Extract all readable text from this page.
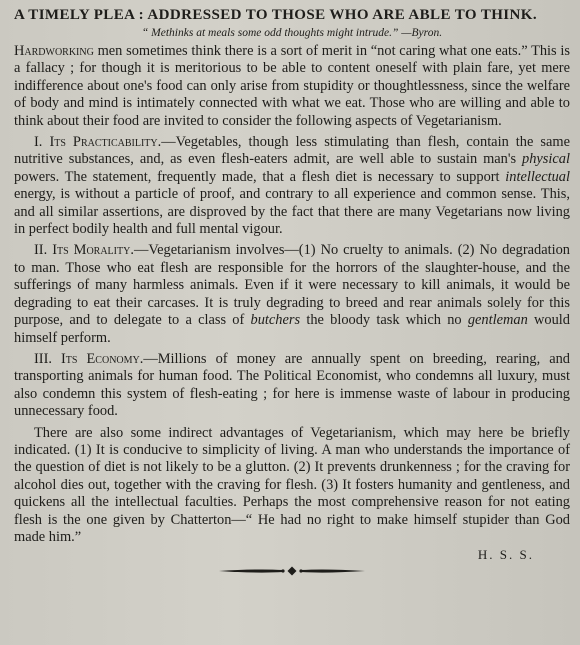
A TIMELY PLEA : ADDRESSED TO THOSE WHO ARE ABLE TO THINK.
“ Methinks at meals some odd thoughts might intrude.” —Byron.

Hardworking men sometimes think there is a sort of merit in “not caring what one eats.” This is a fallacy ; for though it is meritorious to be able to content oneself with plain fare, yet mere indifference about one's food can only arise from stupidity or thoughtlessness, since the welfare of body and mind is intimately connected with what we eat. Those who are willing and able to think about their food are invited to consider the following aspects of Vegetarianism.

I. Its Practicability.—Vegetables, though less stimulating than flesh, contain the same nutritive substances, and, as even flesh-eaters admit, are well able to sustain man's physical powers. The statement, frequently made, that a flesh diet is necessary to support intellectual energy, is without a particle of proof, and contrary to all experience and common sense. This, and all similar assertions, are disproved by the fact that there are many Vegetarians now living in perfect bodily health and full mental vigour.

II. Its Morality.—Vegetarianism involves—(1) No cruelty to animals. (2) No degradation to man. Those who eat flesh are responsible for the horrors of the slaughter-house, and the sufferings of many harmless animals. Even if it were necessary to kill animals, it would be degrading to eat their carcases. It is truly degrading to breed and rear animals solely for this purpose, and to delegate to a class of butchers the bloody task which no gentleman would himself perform.

III. Its Economy.—Millions of money are annually spent on breeding, rearing, and transporting animals for human food. The Political Economist, who condemns all luxury, must also condemn this system of flesh-eating ; for here is immense waste of labour in producing unnecessary food.

There are also some indirect advantages of Vegetarianism, which may here be briefly indicated. (1) It is conducive to simplicity of living. A man who understands the importance of the question of diet is not likely to be a glutton. (2) It prevents drunkenness ; for the craving for alcohol dies out, together with the craving for flesh. (3) It fosters humanity and gentleness, and quickens all the intellectual faculties. Perhaps the most comprehensive reason for not eating flesh is the one given by Chatterton—“ He had no right to make himself stupider than God made him.”

H. S. S.
